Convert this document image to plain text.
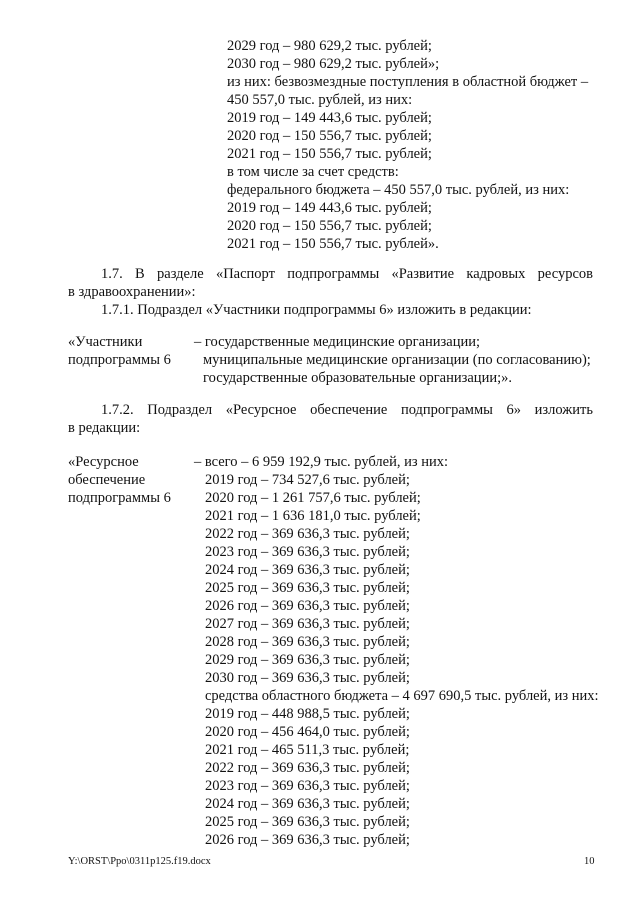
2029 год – 980 629,2 тыс. рублей;
2030 год – 980 629,2 тыс. рублей»;
из них: безвозмездные поступления в областной бюджет –
450 557,0 тыс. рублей, из них:
2019 год – 149 443,6 тыс. рублей;
2020 год – 150 556,7 тыс. рублей;
2021 год – 150 556,7 тыс. рублей;
в том числе за счет средств:
федерального бюджета – 450 557,0 тыс. рублей, из них:
2019 год – 149 443,6 тыс. рублей;
2020 год – 150 556,7 тыс. рублей;
2021 год – 150 556,7 тыс. рублей».
1.7. В разделе «Паспорт подпрограммы «Развитие кадровых ресурсов
в здравоохранении»:
1.7.1. Подраздел «Участники подпрограммы 6» изложить в редакции:
«Участники
подпрограммы 6
– государственные медицинские организации;
муниципальные медицинские организации (по согласованию);
государственные образовательные организации;».
1.7.2. Подраздел «Ресурсное обеспечение подпрограммы 6» изложить
в редакции:
«Ресурсное
обеспечение
подпрограммы 6
– всего – 6 959 192,9 тыс. рублей, из них:
2019 год – 734 527,6 тыс. рублей;
2020 год – 1 261 757,6 тыс. рублей;
2021 год – 1 636 181,0 тыс. рублей;
2022 год – 369 636,3 тыс. рублей;
2023 год – 369 636,3 тыс. рублей;
2024 год – 369 636,3 тыс. рублей;
2025 год – 369 636,3 тыс. рублей;
2026 год – 369 636,3 тыс. рублей;
2027 год – 369 636,3 тыс. рублей;
2028 год – 369 636,3 тыс. рублей;
2029 год – 369 636,3 тыс. рублей;
2030 год – 369 636,3 тыс. рублей;
средства областного бюджета – 4 697 690,5 тыс. рублей, из них:
2019 год – 448 988,5 тыс. рублей;
2020 год – 456 464,0 тыс. рублей;
2021 год – 465 511,3 тыс. рублей;
2022 год – 369 636,3 тыс. рублей;
2023 год – 369 636,3 тыс. рублей;
2024 год – 369 636,3 тыс. рублей;
2025 год – 369 636,3 тыс. рублей;
2026 год – 369 636,3 тыс. рублей;
Y:\ORST\Ppo\0311p125.f19.docx	10
